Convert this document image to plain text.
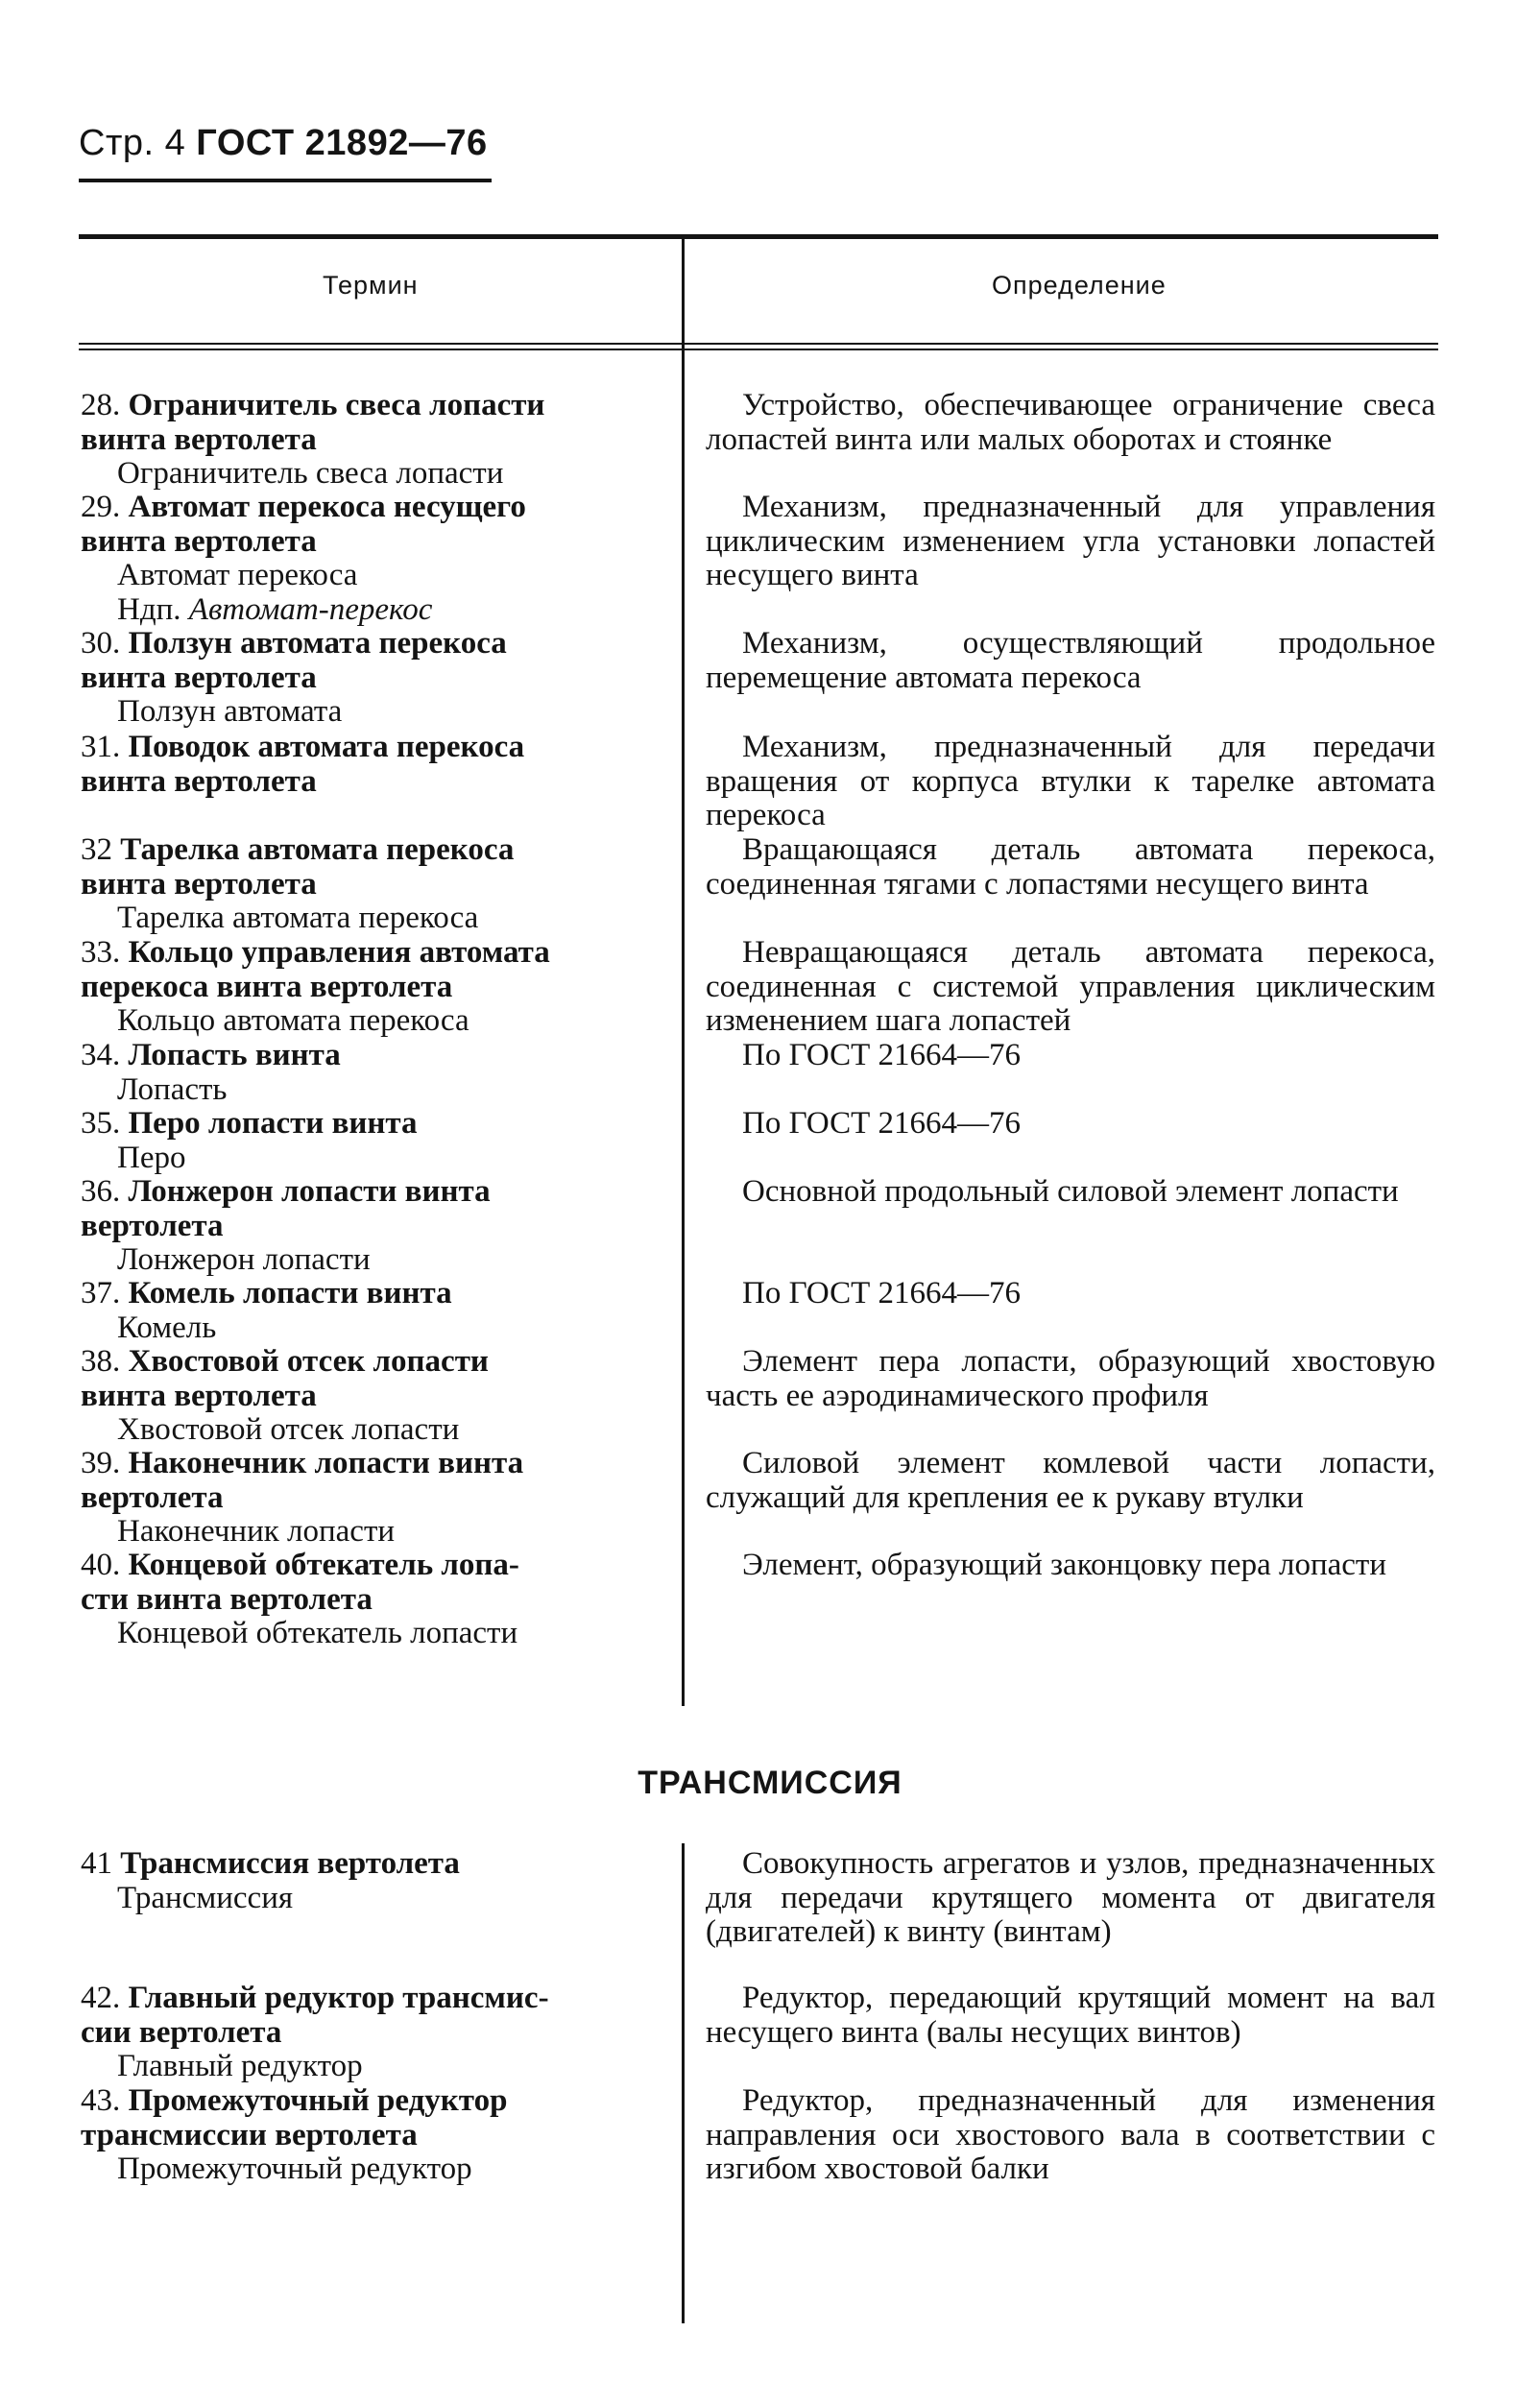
Стр. 4 ГОСТ 21892—76
Термин	Определение
28. Ограничитель свеса лопасти
винта вертолета
Ограничитель свеса лопасти

Устройство, обеспечивающее ограничение свеса лопастей винта или малых оборотах и стоянке

29. Автомат перекоса несущего
винта вертолета
Автомат перекоса
Ндп. Автомат-перекос

Механизм, предназначенный для управления циклическим изменением угла установки лопастей несущего винта

30. Ползун автомата перекоса
винта вертолета
Ползун автомата

Механизм, осуществляющий продольное перемещение автомата перекоса

31. Поводок автомата перекоса
винта вертолета

Механизм, предназначенный для передачи вращения от корпуса втулки к тарелке автомата перекоса

32 Тарелка автомата перекоса
винта вертолета
Тарелка автомата перекоса

Вращающаяся деталь автомата перекоса, соединенная тягами с лопастями несущего винта

33. Кольцо управления автомата
перекоса винта вертолета
Кольцо автомата перекоса

Невращающаяся деталь автомата перекоса, соединенная с системой управления циклическим изменением шага лопастей

34. Лопасть винта
Лопасть

По ГОСТ 21664—76

35. Перо лопасти винта
Перо

По ГОСТ 21664—76

36. Лонжерон лопасти винта
вертолета
Лонжерон лопасти

Основной продольный силовой элемент лопасти

37. Комель лопасти винта
Комель

По ГОСТ 21664—76

38. Хвостовой отсек лопасти
винта вертолета
Хвостовой отсек лопасти

Элемент пера лопасти, образующий хвостовую часть ее аэродинамического профиля

39. Наконечник лопасти винта
вертолета
Наконечник лопасти

Силовой элемент комлевой части лопасти, служащий для крепления ее к рукаву втулки

40. Концевой обтекатель лопа-
сти винта вертолета
Концевой обтекатель лопасти

Элемент, образующий законцовку пера лопасти

ТРАНСМИССИЯ
41 Трансмиссия вертолета
Трансмиссия

Совокупность агрегатов и узлов, предназначенных для передачи крутящего момента от двигателя (двигателей) к винту (винтам)

42. Главный редуктор трансмис-
сии вертолета
Главный редуктор

Редуктор, передающий крутящий момент на вал несущего винта (валы несущих винтов)

43. Промежуточный редуктор
трансмиссии вертолета
Промежуточный редуктор

Редуктор, предназначенный для изменения направления оси хвостового вала в соответствии с изгибом хвостовой балки
